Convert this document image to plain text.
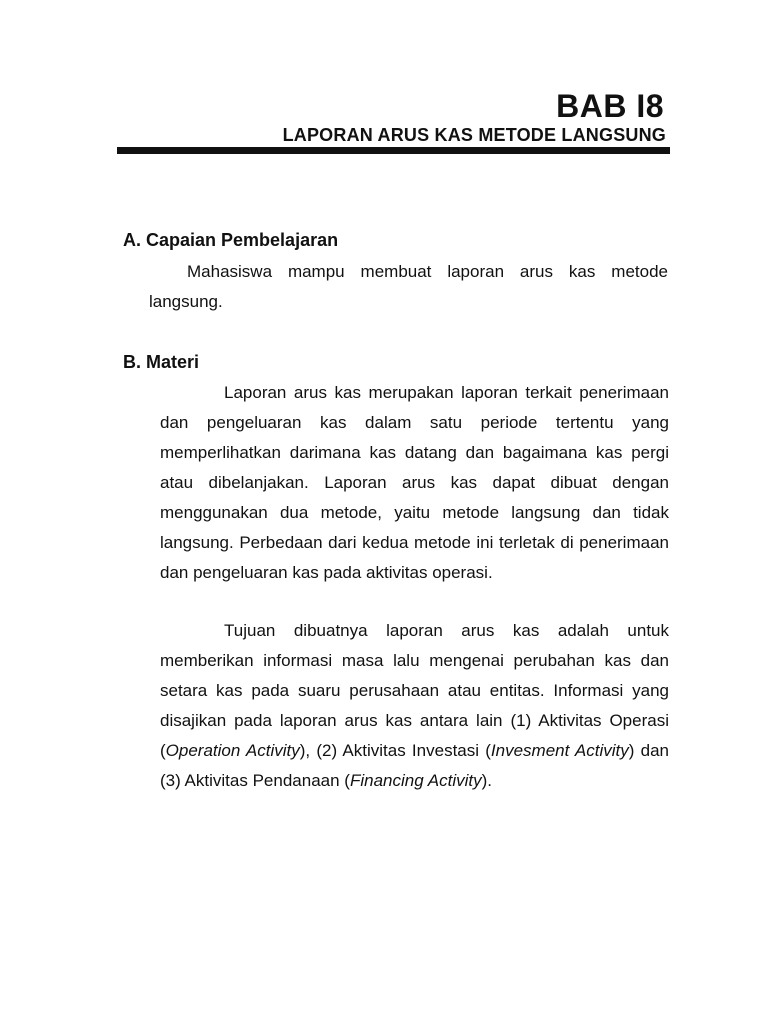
BAB I8
LAPORAN ARUS KAS METODE LANGSUNG
A. Capaian Pembelajaran

Mahasiswa mampu membuat laporan arus kas metode langsung.

B. Materi

Laporan arus kas merupakan laporan terkait penerimaan dan pengeluaran kas dalam satu periode tertentu yang memperlihatkan darimana kas datang dan bagaimana kas pergi atau dibelanjakan. Laporan arus kas dapat dibuat dengan menggunakan dua metode, yaitu metode langsung dan tidak langsung. Perbedaan dari kedua metode ini terletak di penerimaan dan pengeluaran kas pada aktivitas operasi.

Tujuan dibuatnya laporan arus kas adalah untuk memberikan informasi masa lalu mengenai perubahan kas dan setara kas pada suaru perusahaan atau entitas. Informasi yang disajikan pada laporan arus kas antara lain (1) Aktivitas Operasi (Operation Activity), (2) Aktivitas Investasi (Invesment Activity) dan (3) Aktivitas Pendanaan (Financing Activity).
